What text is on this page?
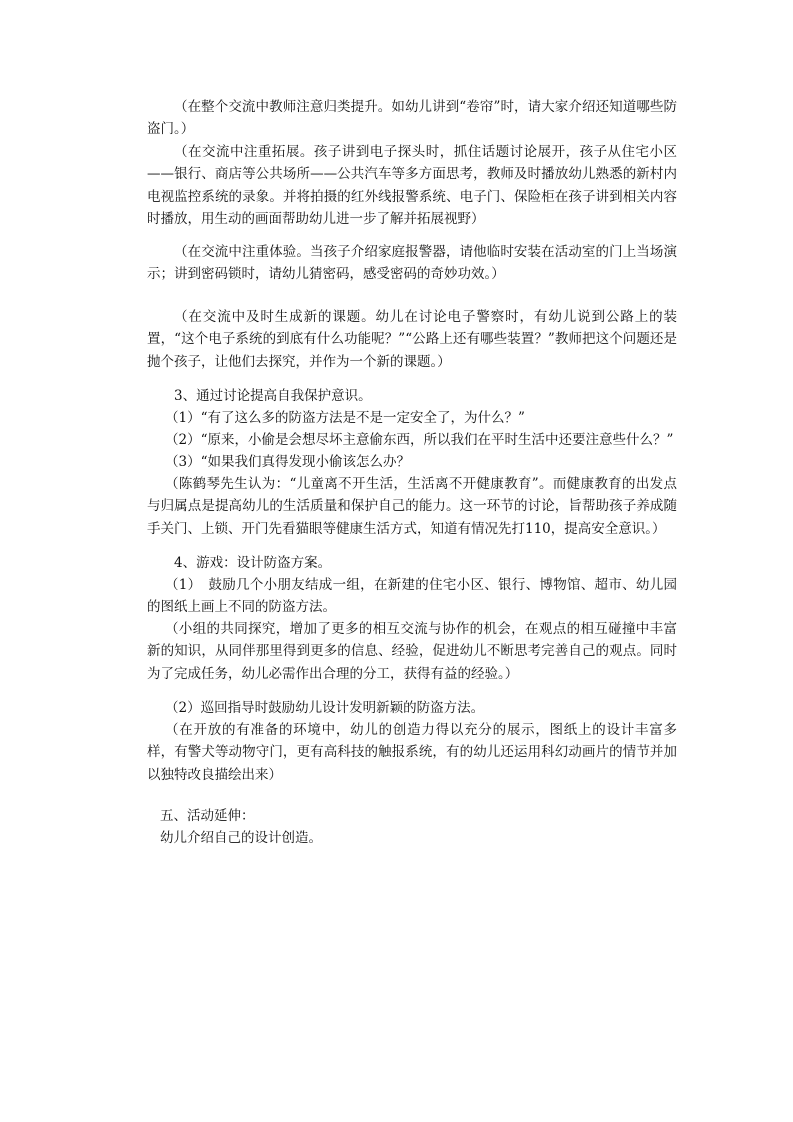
（在整个交流中教师注意归类提升。如幼儿讲到“卷帘”时，请大家介绍还知道哪些防盗门。）

（在交流中注重拓展。孩子讲到电子探头时，抓住话题讨论展开，孩子从住宅小区——银行、商店等公共场所——公共汽车等多方面思考，教师及时播放幼儿熟悉的新村内电视监控系统的录象。并将拍摄的红外线报警系统、电子门、保险柜在孩子讲到相关内容时播放，用生动的画面帮助幼儿进一步了解并拓展视野）

（在交流中注重体验。当孩子介绍家庭报警器，请他临时安装在活动室的门上当场演示；讲到密码锁时，请幼儿猜密码，感受密码的奇妙功效。）

（在交流中及时生成新的课题。幼儿在讨论电子警察时，有幼儿说到公路上的装置，“这个电子系统的到底有什么功能呢？”“公路上还有哪些装置？”教师把这个问题还是抛个孩子，让他们去探究，并作为一个新的课题。）

3、通过讨论提高自我保护意识。

（1）“有了这么多的防盗方法是不是一定安全了，为什么？”

（2）“原来，小偷是会想尽坏主意偷东西，所以我们在平时生活中还要注意些什么？”

（3）“如果我们真得发现小偷该怎么办？

（陈鹤琴先生认为：“儿童离不开生活，生活离不开健康教育”。而健康教育的出发点与归属点是提高幼儿的生活质量和保护自己的能力。这一环节的讨论，旨帮助孩子养成随手关门、上锁、开门先看猫眼等健康生活方式，知道有情况先打110，提高安全意识。）

4、游戏：设计防盗方案。

（1）　鼓励几个小朋友结成一组，在新建的住宅小区、银行、博物馆、超市、幼儿园的图纸上画上不同的防盗方法。

（小组的共同探究，增加了更多的相互交流与协作的机会，在观点的相互碰撞中丰富新的知识，从同伴那里得到更多的信息、经验，促进幼儿不断思考完善自己的观点。同时为了完成任务，幼儿必需作出合理的分工，获得有益的经验。）

（2）巡回指导时鼓励幼儿设计发明新颖的防盗方法。

（在开放的有准备的环境中，幼儿的创造力得以充分的展示，图纸上的设计丰富多样，有警犬等动物守门，更有高科技的触报系统，有的幼儿还运用科幻动画片的情节并加以独特改良描绘出来）

五、活动延伸：

幼儿介绍自己的设计创造。
